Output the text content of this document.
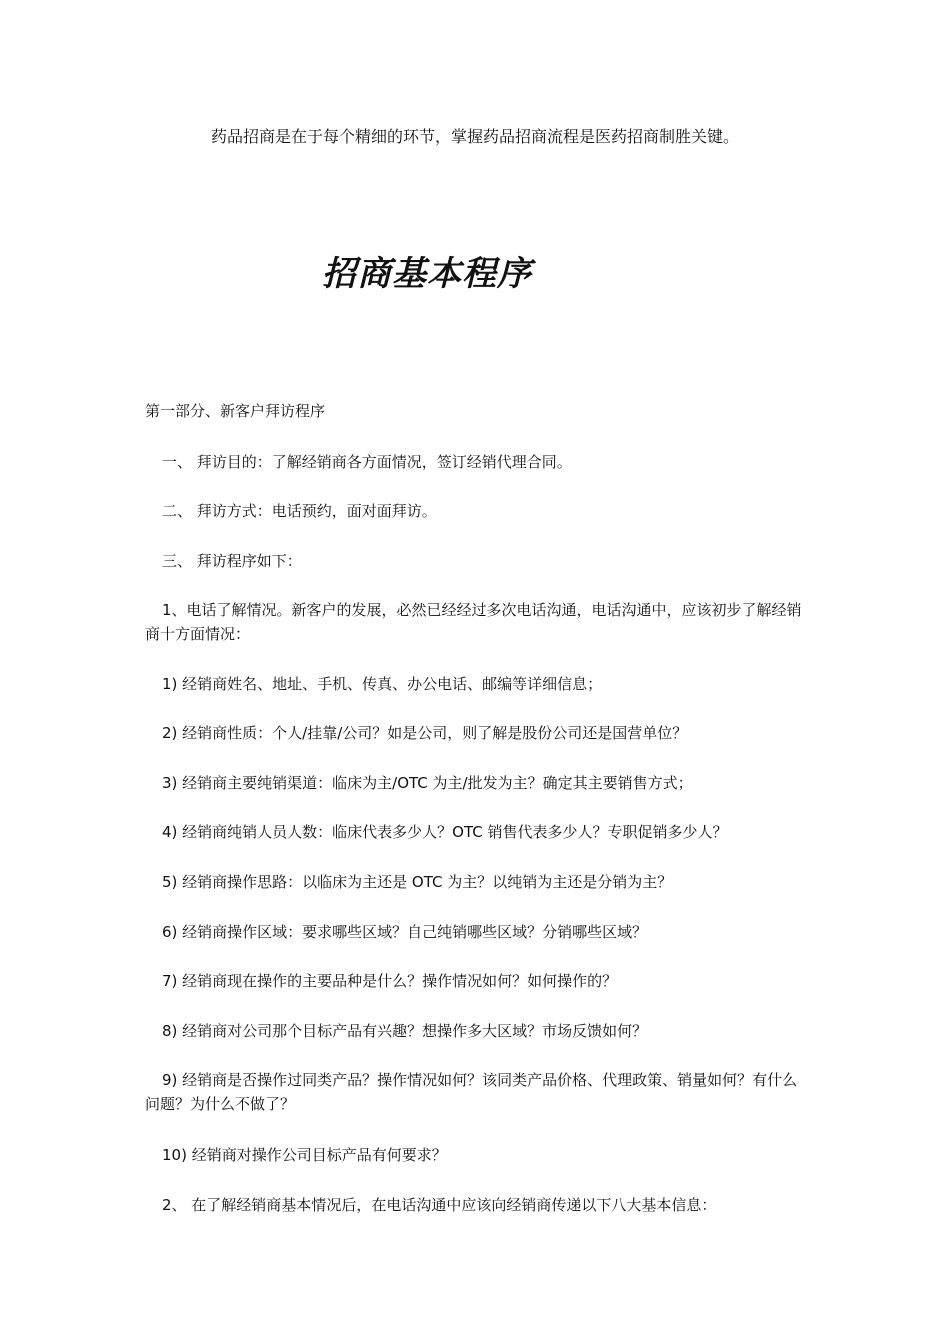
药品招商是在于每个精细的环节，掌握药品招商流程是医药招商制胜关键。

招商基本程序

第一部分、新客户拜访程序

一、 拜访目的：了解经销商各方面情况，签订经销代理合同。

二、 拜访方式：电话预约，面对面拜访。

三、 拜访程序如下：

1、电话了解情况。新客户的发展，必然已经经过多次电话沟通，电话沟通中，应该初步了解经销商十方面情况：

1) 经销商姓名、地址、手机、传真、办公电话、邮编等详细信息；

2) 经销商性质：个人/挂靠/公司？如是公司，则了解是股份公司还是国营单位？

3) 经销商主要纯销渠道：临床为主/OTC 为主/批发为主？确定其主要销售方式；

4) 经销商纯销人员人数：临床代表多少人？OTC 销售代表多少人？专职促销多少人？

5) 经销商操作思路：以临床为主还是 OTC 为主？以纯销为主还是分销为主？

6) 经销商操作区域：要求哪些区域？自己纯销哪些区域？分销哪些区域？

7) 经销商现在操作的主要品种是什么？操作情况如何？如何操作的？

8) 经销商对公司那个目标产品有兴趣？想操作多大区域？市场反馈如何？

9) 经销商是否操作过同类产品？操作情况如何？该同类产品价格、代理政策、销量如何？有什么问题？为什么不做了？

10) 经销商对操作公司目标产品有何要求？

2、 在了解经销商基本情况后，在电话沟通中应该向经销商传递以下八大基本信息：
